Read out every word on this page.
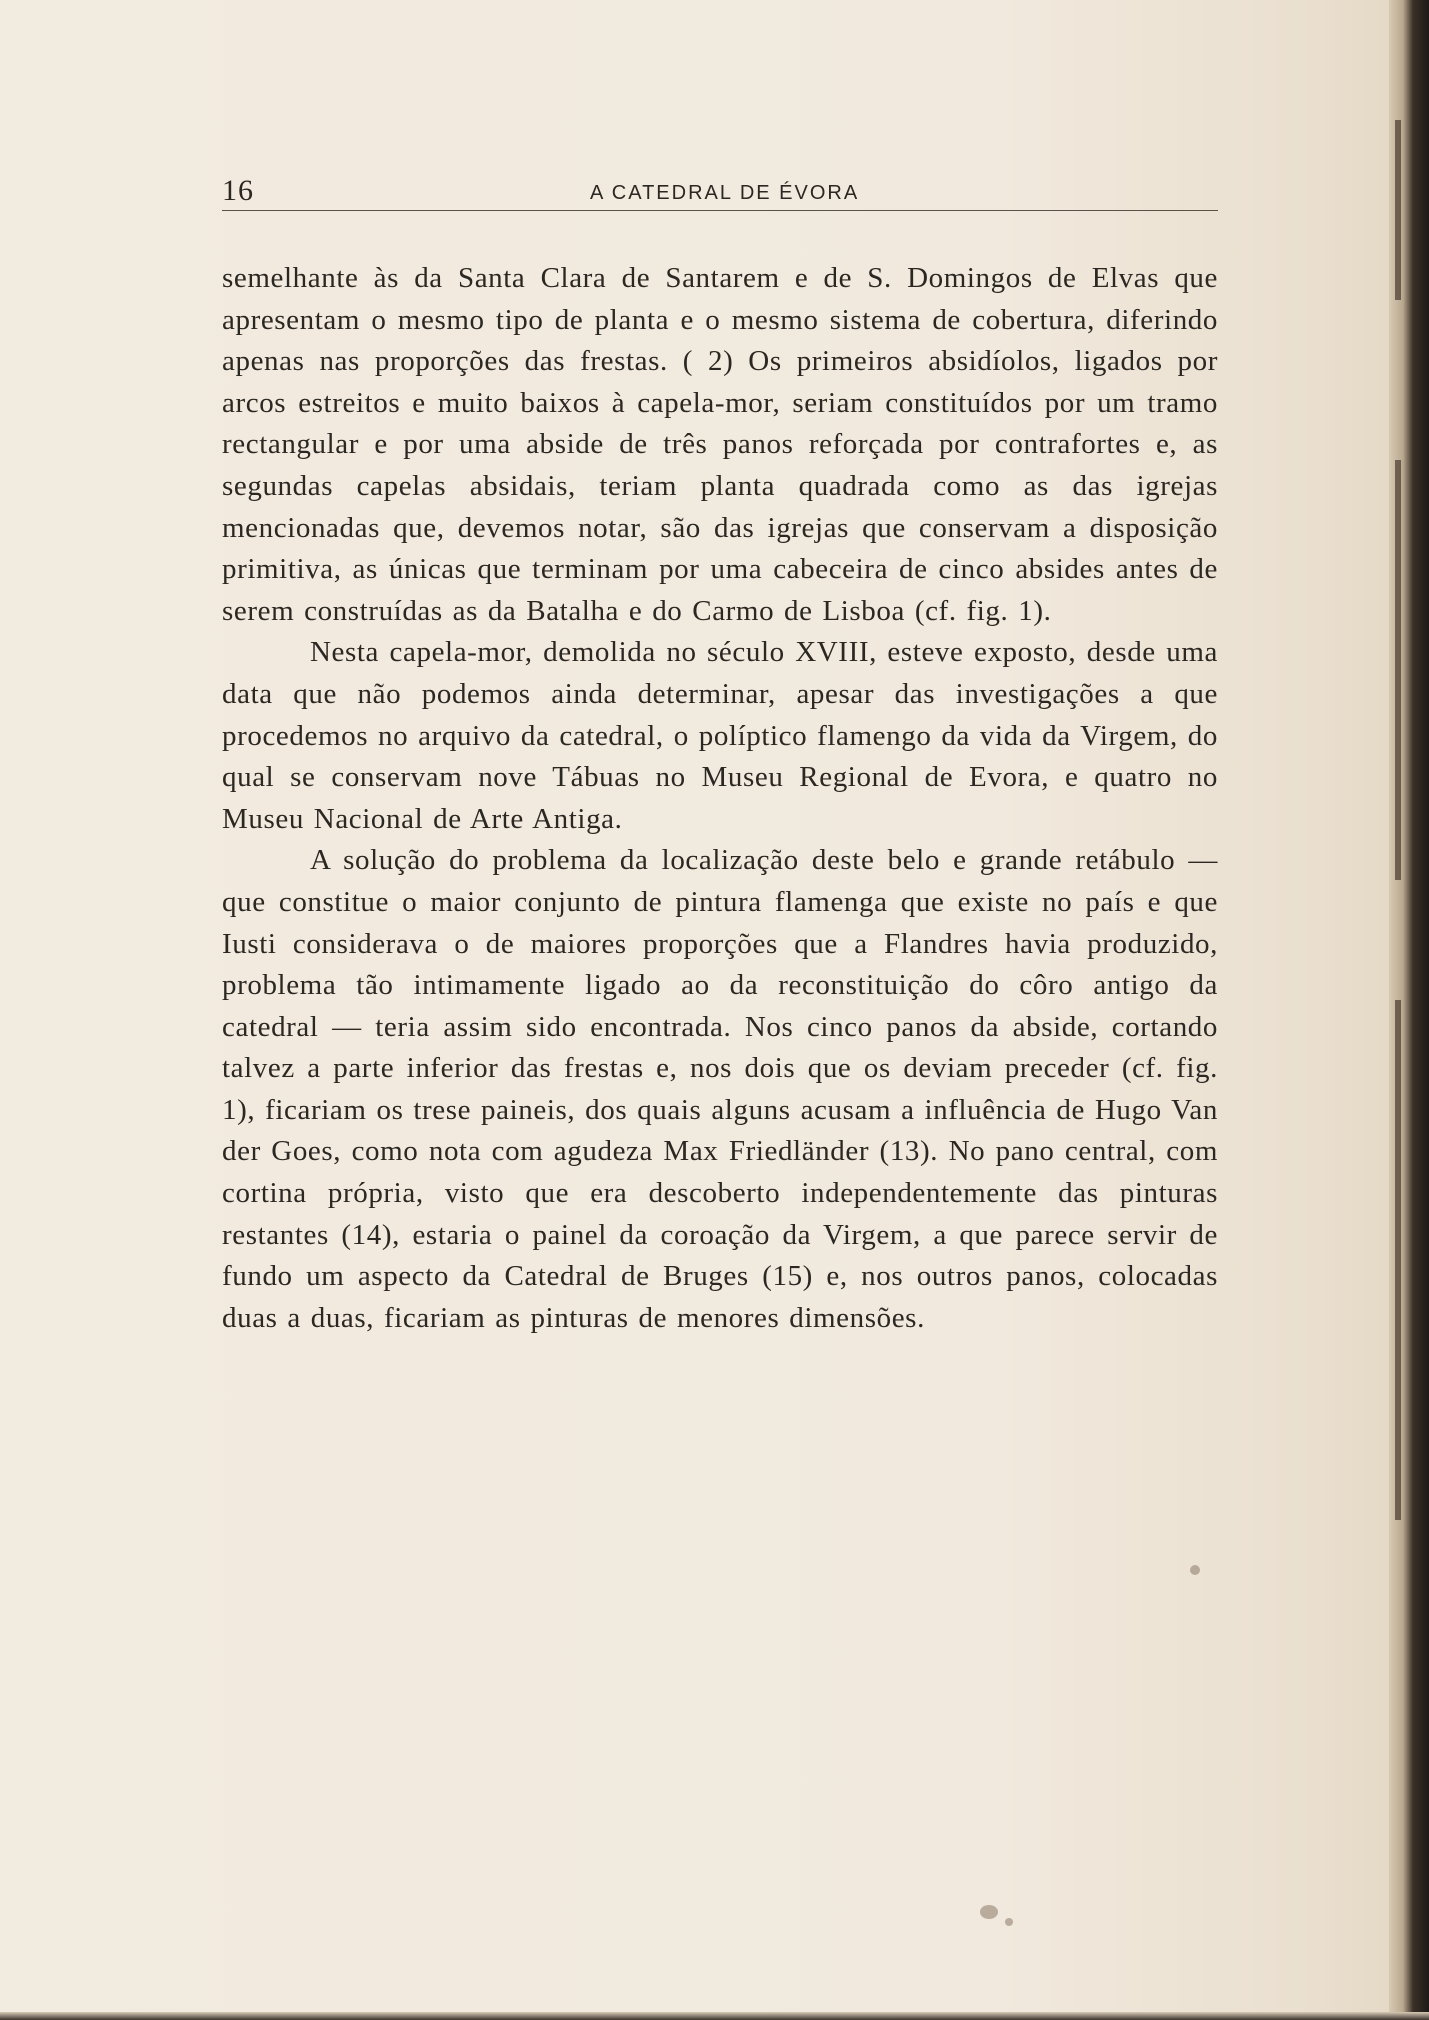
16	A CATEDRAL DE ÉVORA

semelhante às da Santa Clara de Santarem e de S. Domingos de Elvas que apresentam o mesmo tipo de planta e o mesmo sistema de cobertura, diferindo apenas nas proporções das frestas. ( 2) Os primeiros absidíolos, ligados por arcos estreitos e muito baixos à capela-mor, seriam constituídos por um tramo rectangular e por uma abside de três panos reforçada por contrafortes e, as segundas capelas absidais, teriam planta quadrada como as das igrejas mencionadas que, devemos notar, são das igrejas que conservam a disposição primitiva, as únicas que terminam por uma cabeceira de cinco absides antes de serem construídas as da Batalha e do Carmo de Lisboa (cf. fig. 1).

Nesta capela-mor, demolida no século XVIII, esteve exposto, desde uma data que não podemos ainda determinar, apesar das investigações a que procedemos no arquivo da catedral, o políptico flamengo da vida da Virgem, do qual se conservam nove Tábuas no Museu Regional de Evora, e quatro no Museu Nacional de Arte Antiga.

A solução do problema da localização deste belo e grande retábulo — que constitue o maior conjunto de pintura flamenga que existe no país e que Iusti considerava o de maiores proporções que a Flandres havia produzido, problema tão intimamente ligado ao da reconstituição do côro antigo da catedral — teria assim sido encontrada. Nos cinco panos da abside, cortando talvez a parte inferior das frestas e, nos dois que os deviam preceder (cf. fig. 1), ficariam os trese paineis, dos quais alguns acusam a influência de Hugo Van der Goes, como nota com agudeza Max Friedländer (13). No pano central, com cortina própria, visto que era descoberto independentemente das pinturas restantes (14), estaria o painel da coroação da Virgem, a que parece servir de fundo um aspecto da Catedral de Bruges (15) e, nos outros panos, colocadas duas a duas, ficariam as pinturas de menores dimensões.
